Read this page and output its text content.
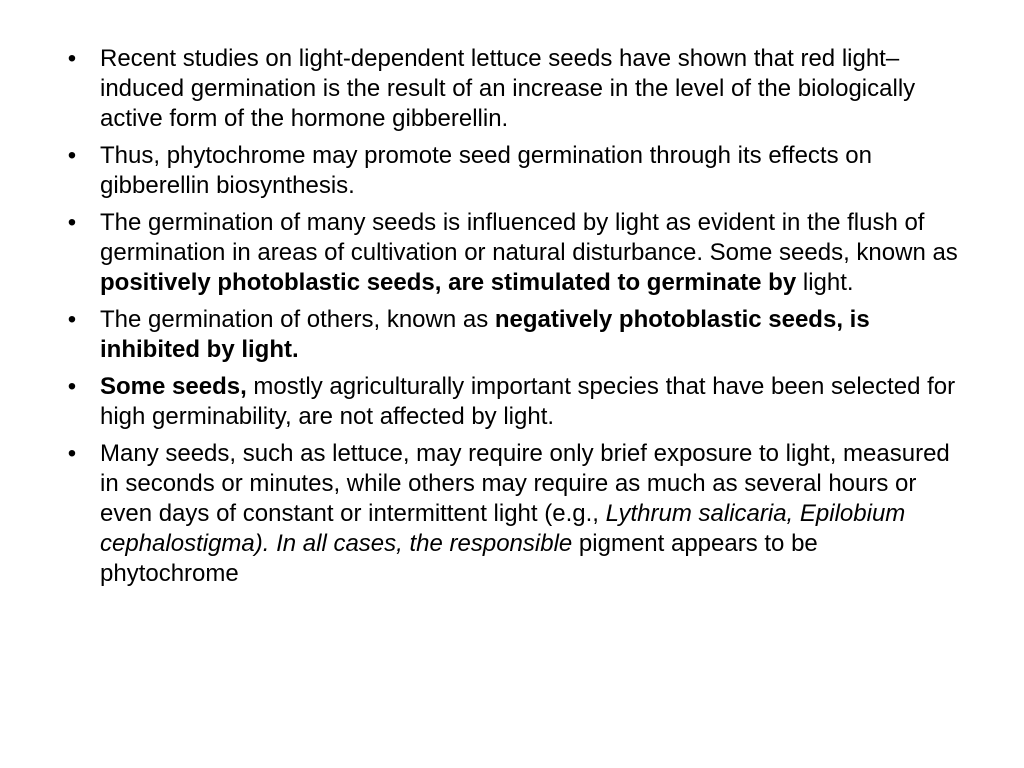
• Recent studies on light-dependent lettuce seeds have shown that red light–induced germination is the result of an increase in the level of the biologically active form of the hormone gibberellin.
• Thus, phytochrome may promote seed germination through its effects on gibberellin biosynthesis.
• The germination of many seeds is influenced by light as evident in the flush of germination in areas of cultivation or natural disturbance. Some seeds, known as positively photoblastic seeds, are stimulated to germinate by light.
• The germination of others, known as negatively photoblastic seeds, is inhibited by light.
• Some seeds, mostly agriculturally important species that have been selected for high germinability, are not affected by light.
• Many seeds, such as lettuce, may require only brief exposure to light, measured in seconds or minutes, while others may require as much as several hours or even days of constant or intermittent light (e.g., Lythrum salicaria, Epilobium cephalostigma). In all cases, the responsible pigment appears to be phytochrome
